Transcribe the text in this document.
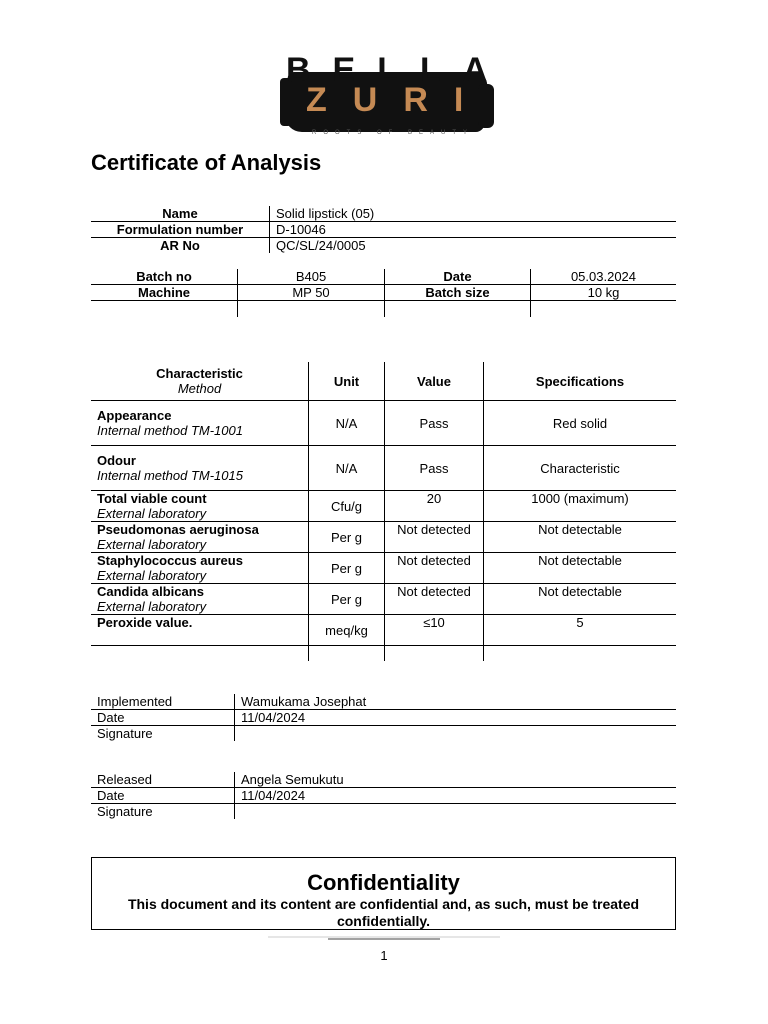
BELLA
ZURI
ROOTS OF BEAUTY
Certificate of Analysis
Name	Solid lipstick (05)
Formulation number	D-10046
AR No	QC/SL/24/0005
Batch no	B405	Date	05.03.2024
Machine	MP 50	Batch size	10 kg

Characteristic
Method	Unit	Value	Specifications

Appearance
Internal method TM-1001	N/A	Pass	Red solid

Odour
Internal method TM-1015	N/A	Pass	Characteristic

Total viable count
External laboratory	Cfu/g	20	1000 (maximum)

Pseudomonas aeruginosa
External laboratory	Per g	Not detected	Not detectable

Staphylococcus aureus
External laboratory	Per g	Not detected	Not detectable

Candida albicans
External laboratory	Per g	Not detected	Not detectable

Peroxide value.	meq/kg	≤10	5

Implemented	Wamukama Josephat
Date	11/04/2024
Signature	
Released	Angela Semukutu
Date	11/04/2024
Signature	
Confidentiality
This document and its content are confidential and, as such, must be treated confidentially.
1
